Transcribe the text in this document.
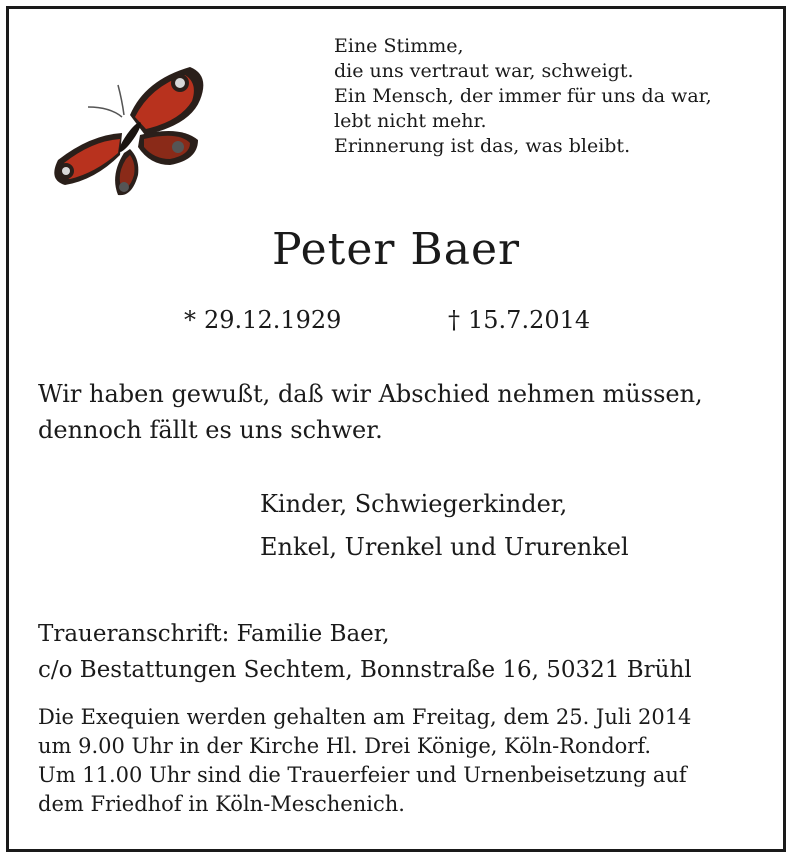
Eine Stimme,
die uns vertraut war, schweigt.
Ein Mensch, der immer für uns da war,
lebt nicht mehr.
Erinnerung ist das, was bleibt.
Peter Baer
* 29.12.1929	† 15.7.2014
Wir haben gewußt, daß wir Abschied nehmen müssen,
dennoch fällt es uns schwer.
Kinder, Schwiegerkinder,
Enkel, Urenkel und Ururenkel
Traueranschrift: Familie Baer,
c/o Bestattungen Sechtem, Bonnstraße 16, 50321 Brühl
Die Exequien werden gehalten am Freitag, dem 25. Juli 2014
um 9.00 Uhr in der Kirche Hl. Drei Könige, Köln-Rondorf.
Um 11.00 Uhr sind die Trauerfeier und Urnenbeisetzung auf
dem Friedhof in Köln-Meschenich.
